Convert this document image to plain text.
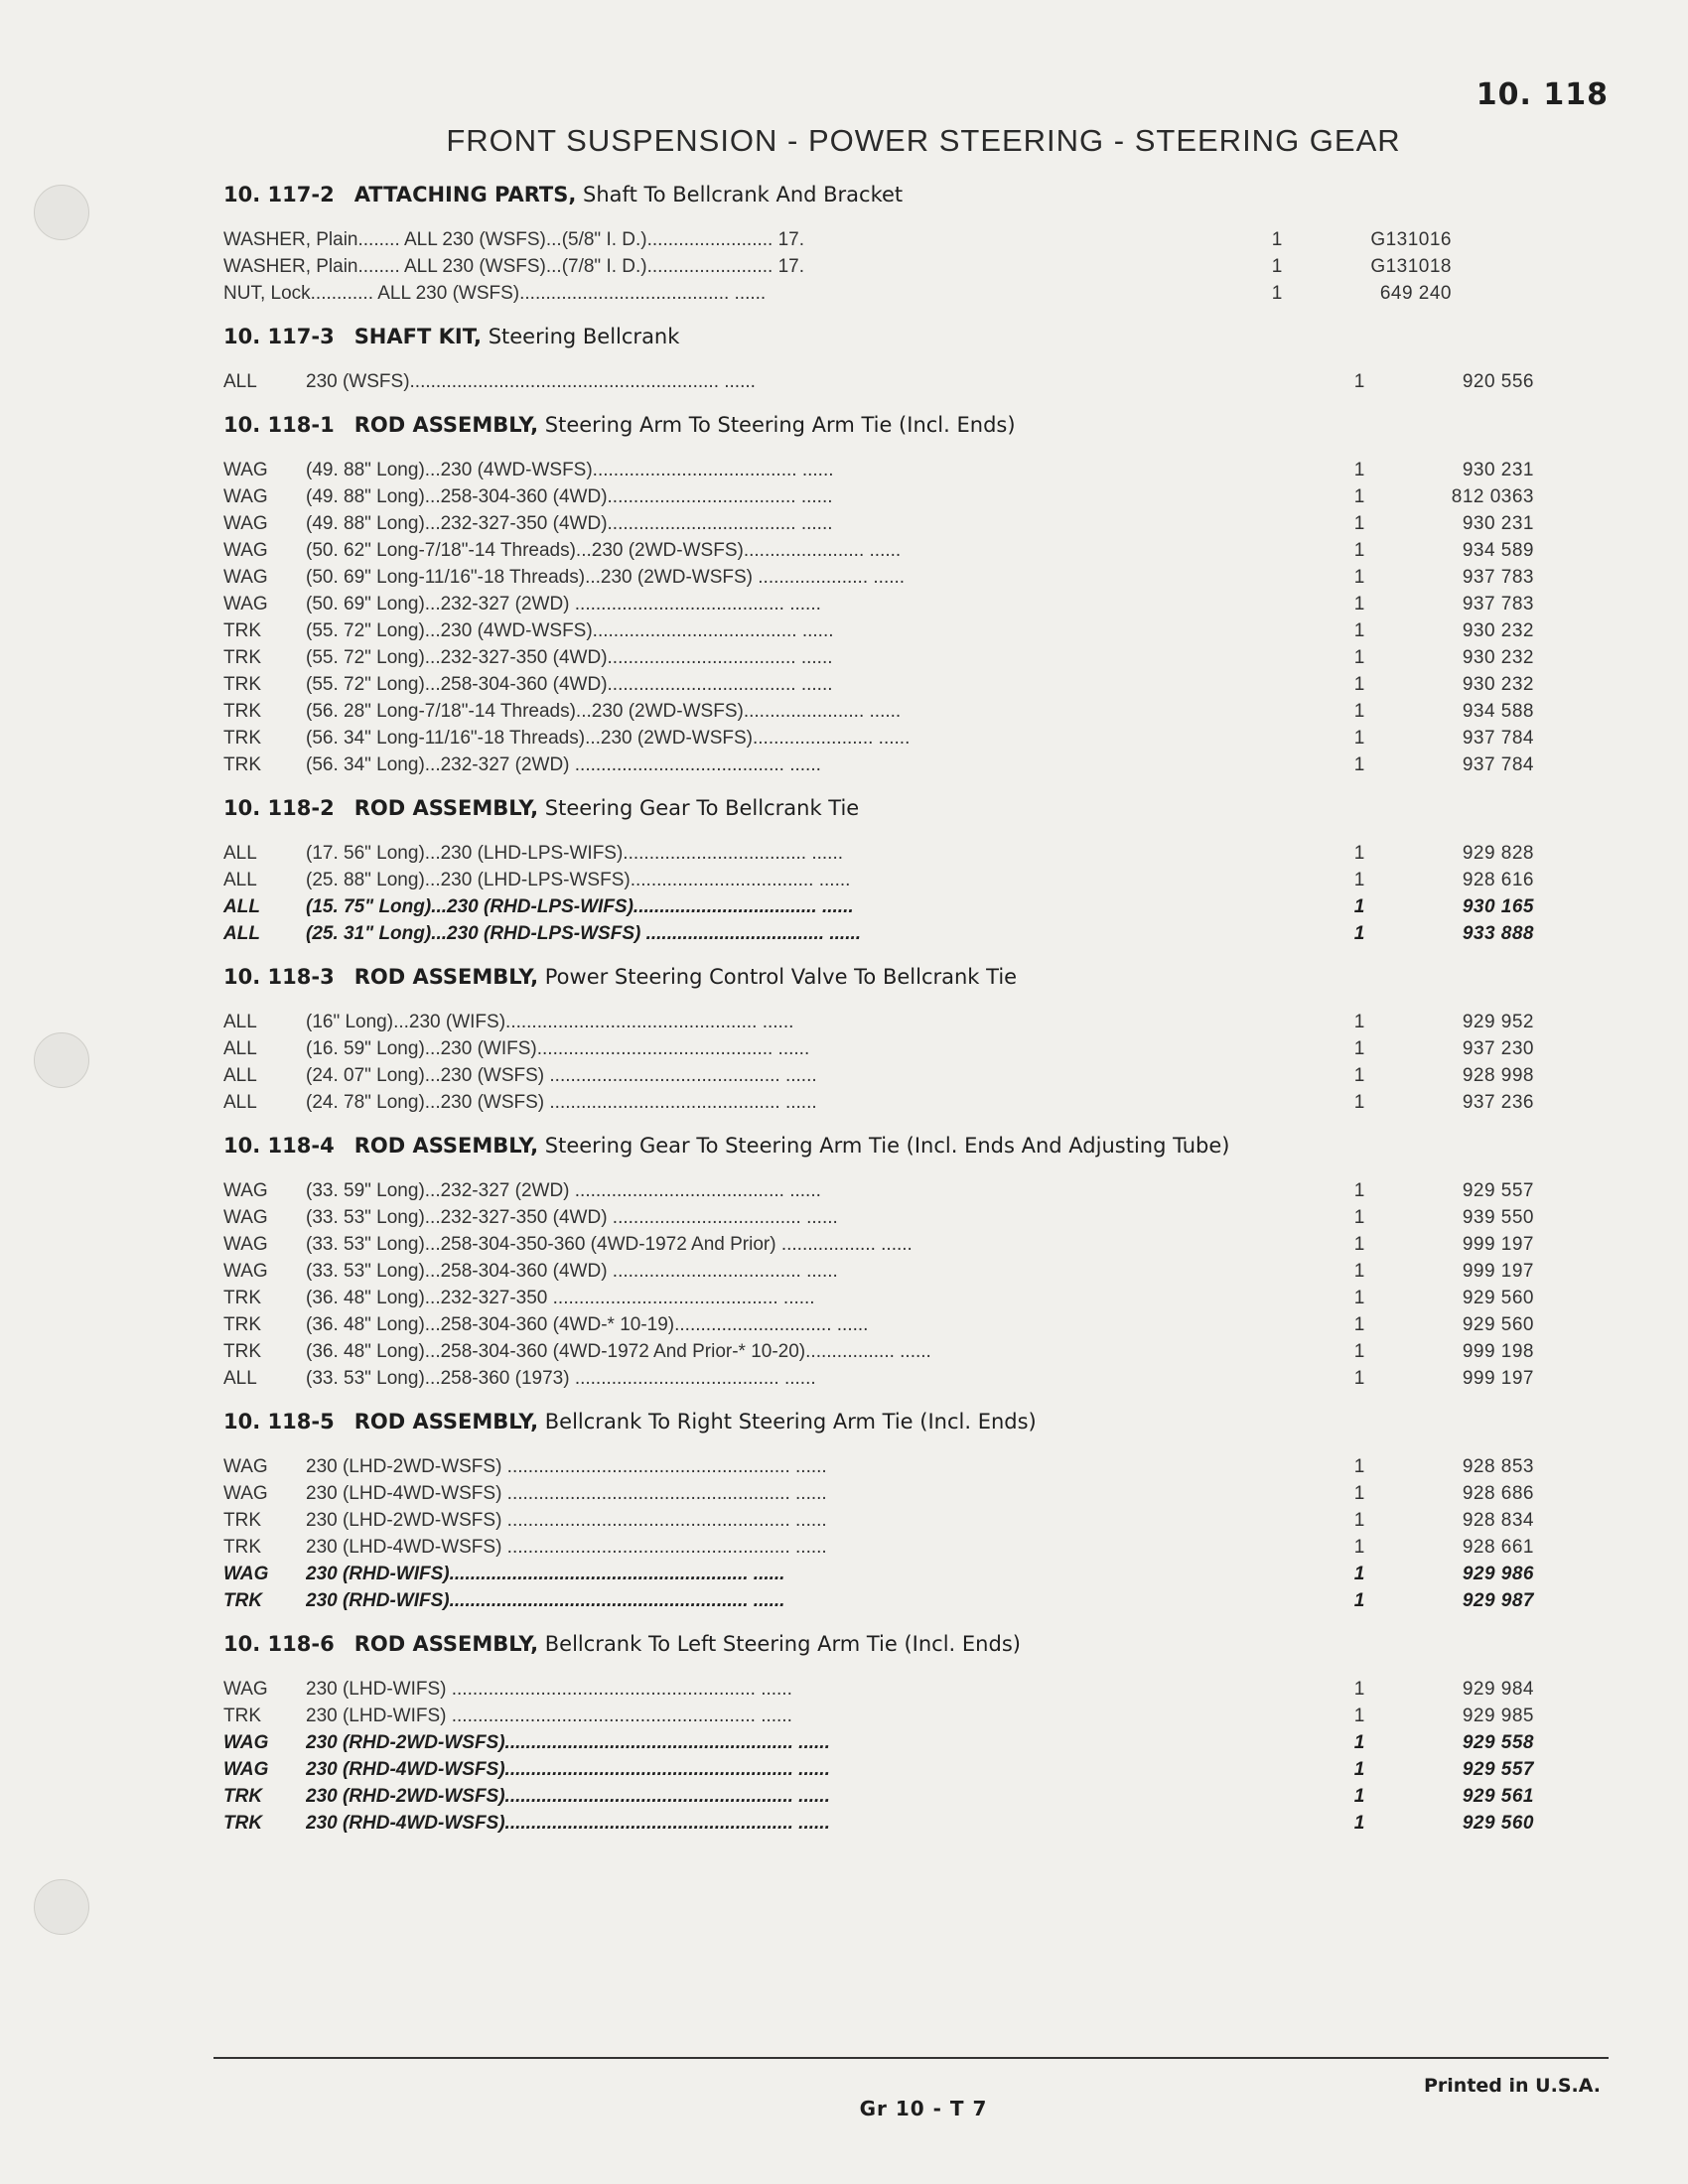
10. 118
FRONT SUSPENSION - POWER STEERING - STEERING GEAR
10. 117-2 ATTACHING PARTS, Shaft To Bellcrank And Bracket
WASHER, Plain........ ALL 230 (WSFS)...(5/8" I. D.)........................ 17.	1	G131016
WASHER, Plain........ ALL 230 (WSFS)...(7/8" I. D.)........................ 17.	1	G131018
NUT, Lock............ ALL 230 (WSFS)........................................ ......	1	649 240
10. 117-3 SHAFT KIT, Steering Bellcrank
ALL	230 (WSFS)........................................................... ......	1	920 556
10. 118-1 ROD ASSEMBLY, Steering Arm To Steering Arm Tie (Incl. Ends)
WAG	(49. 88" Long)...230 (4WD-WSFS)....................................... ......	1	930 231
WAG	(49. 88" Long)...258-304-360 (4WD).................................... ......	1	812 0363
WAG	(49. 88" Long)...232-327-350 (4WD).................................... ......	1	930 231
WAG	(50. 62" Long-7/18"-14 Threads)...230 (2WD-WSFS)....................... ......	1	934 589
WAG	(50. 69" Long-11/16"-18 Threads)...230 (2WD-WSFS) ..................... ......	1	937 783
WAG	(50. 69" Long)...232-327 (2WD) ........................................ ......	1	937 783
TRK	(55. 72" Long)...230 (4WD-WSFS)....................................... ......	1	930 232
TRK	(55. 72" Long)...232-327-350 (4WD).................................... ......	1	930 232
TRK	(55. 72" Long)...258-304-360 (4WD).................................... ......	1	930 232
TRK	(56. 28" Long-7/18"-14 Threads)...230 (2WD-WSFS)....................... ......	1	934 588
TRK	(56. 34" Long-11/16"-18 Threads)...230 (2WD-WSFS)....................... ......	1	937 784
TRK	(56. 34" Long)...232-327 (2WD) ........................................ ......	1	937 784
10. 118-2 ROD ASSEMBLY, Steering Gear To Bellcrank Tie
ALL	(17. 56" Long)...230 (LHD-LPS-WIFS)................................... ......	1	929 828
ALL	(25. 88" Long)...230 (LHD-LPS-WSFS)................................... ......	1	928 616
ALL	(15. 75" Long)...230 (RHD-LPS-WIFS)................................... ......	1	930 165
ALL	(25. 31" Long)...230 (RHD-LPS-WSFS) .................................. ......	1	933 888
10. 118-3 ROD ASSEMBLY, Power Steering Control Valve To Bellcrank Tie
ALL	(16" Long)...230 (WIFS)................................................ ......	1	929 952
ALL	(16. 59" Long)...230 (WIFS)............................................. ......	1	937 230
ALL	(24. 07" Long)...230 (WSFS) ............................................ ......	1	928 998
ALL	(24. 78" Long)...230 (WSFS) ............................................ ......	1	937 236
10. 118-4 ROD ASSEMBLY, Steering Gear To Steering Arm Tie (Incl. Ends And Adjusting Tube)
WAG	(33. 59" Long)...232-327 (2WD) ........................................ ......	1	929 557
WAG	(33. 53" Long)...232-327-350 (4WD) .................................... ......	1	939 550
WAG	(33. 53" Long)...258-304-350-360 (4WD-1972 And Prior) .................. ......	1	999 197
WAG	(33. 53" Long)...258-304-360 (4WD) .................................... ......	1	999 197
TRK	(36. 48" Long)...232-327-350 ........................................... ......	1	929 560
TRK	(36. 48" Long)...258-304-360 (4WD-* 10-19).............................. ......	1	929 560
TRK	(36. 48" Long)...258-304-360 (4WD-1972 And Prior-* 10-20)................. ......	1	999 198
ALL	(33. 53" Long)...258-360 (1973) ....................................... ......	1	999 197
10. 118-5 ROD ASSEMBLY, Bellcrank To Right Steering Arm Tie (Incl. Ends)
WAG	230 (LHD-2WD-WSFS) ...................................................... ......	1	928 853
WAG	230 (LHD-4WD-WSFS) ...................................................... ......	1	928 686
TRK	230 (LHD-2WD-WSFS) ...................................................... ......	1	928 834
TRK	230 (LHD-4WD-WSFS) ...................................................... ......	1	928 661
WAG	230 (RHD-WIFS)......................................................... ......	1	929 986
TRK	230 (RHD-WIFS)......................................................... ......	1	929 987
10. 118-6 ROD ASSEMBLY, Bellcrank To Left Steering Arm Tie (Incl. Ends)
WAG	230 (LHD-WIFS) .......................................................... ......	1	929 984
TRK	230 (LHD-WIFS) .......................................................... ......	1	929 985
WAG	230 (RHD-2WD-WSFS)....................................................... ......	1	929 558
WAG	230 (RHD-4WD-WSFS)....................................................... ......	1	929 557
TRK	230 (RHD-2WD-WSFS)....................................................... ......	1	929 561
TRK	230 (RHD-4WD-WSFS)....................................................... ......	1	929 560
Printed in U.S.A.
Gr 10 - T 7
